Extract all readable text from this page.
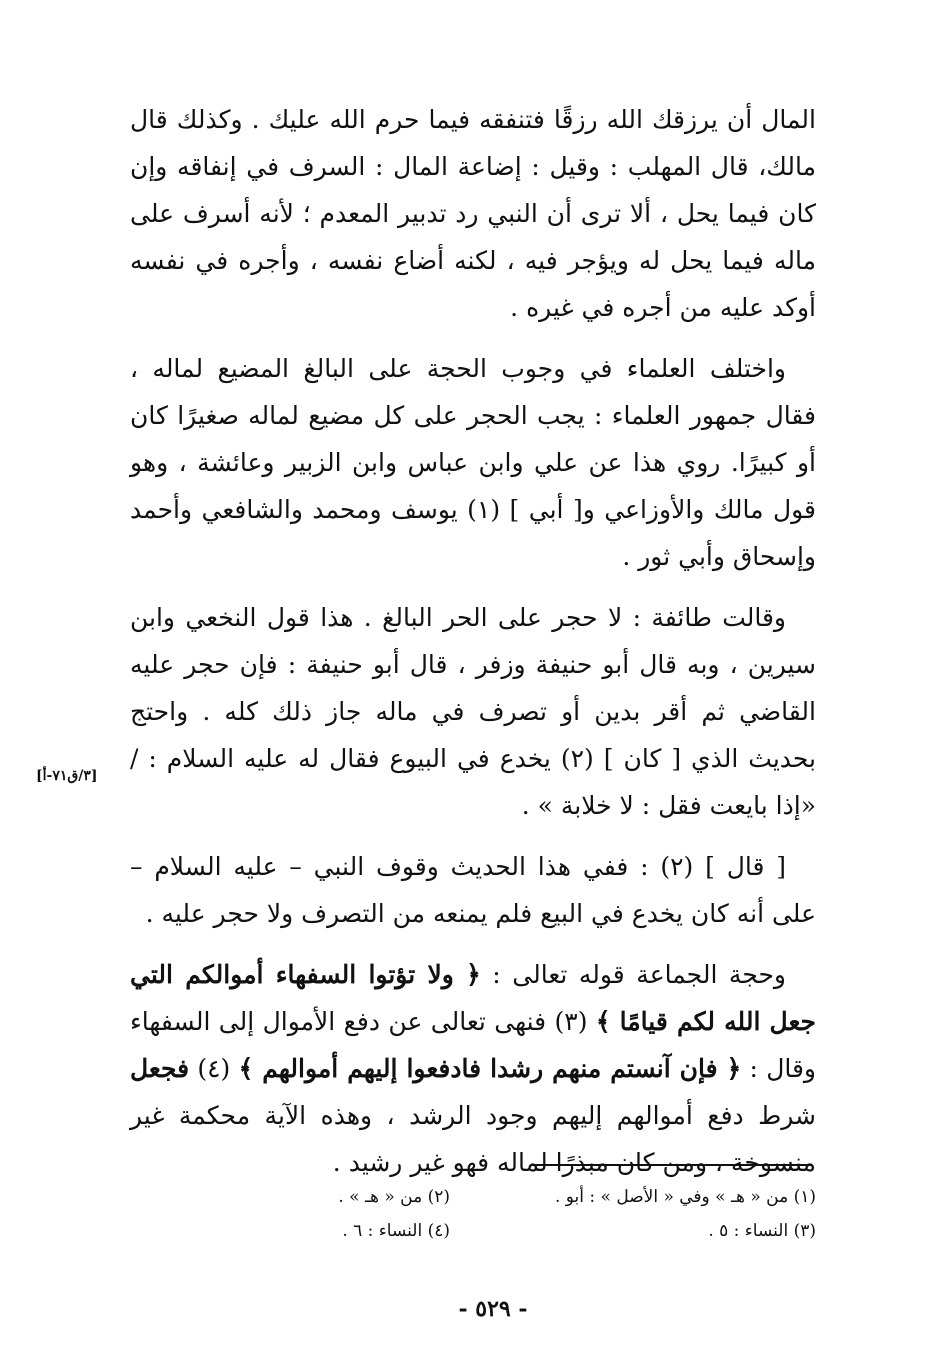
المال أن يرزقك الله رزقًا فتنفقه فيما حرم الله عليك . وكذلك قال مالك، قال المهلب : وقيل : إضاعة المال : السرف في إنفاقه وإن كان فيما يحل ، ألا ترى أن النبي رد تدبير المعدم ؛ لأنه أسرف على ماله فيما يحل له ويؤجر فيه ، لكنه أضاع نفسه ، وأجره في نفسه أوكد عليه من أجره في غيره .

واختلف العلماء في وجوب الحجة على البالغ المضيع لماله ، فقال جمهور العلماء : يجب الحجر على كل مضيع لماله صغيرًا كان أو كبيرًا. روي هذا عن علي وابن عباس وابن الزبير وعائشة ، وهو قول مالك والأوزاعي و[ أبي ] (١) يوسف ومحمد والشافعي وأحمد وإسحاق وأبي ثور .

وقالت طائفة : لا حجر على الحر البالغ . هذا قول النخعي وابن سيرين ، وبه قال أبو حنيفة وزفر ، قال أبو حنيفة : فإن حجر عليه القاضي ثم أقر بدين أو تصرف في ماله جاز ذلك كله . واحتج بحديث الذي [ كان ] (٢) يخدع في البيوع فقال له عليه السلام : / «إذا بايعت فقل : لا خلابة » .

[ قال ] (٢) : ففي هذا الحديث وقوف النبي – عليه السلام – على أنه كان يخدع في البيع فلم يمنعه من التصرف ولا حجر عليه .

وحجة الجماعة قوله تعالى : ﴿ ولا تؤتوا السفهاء أموالكم التي جعل الله لكم قيامًا ﴾ (٣) فنهى تعالى عن دفع الأموال إلى السفهاء وقال : ﴿ فإن آنستم منهم رشدا فادفعوا إليهم أموالهم ﴾ (٤) فجعل شرط دفع أموالهم إليهم وجود الرشد ، وهذه الآية محكمة غير منسوخة ، ومن كان مبذرًا لماله فهو غير رشيد .

[٣/ق٧١-أ]
(١) من « هـ » وفي « الأصل » : أبو .
(٢) من « هـ » .
(٣) النساء : ٥ .
(٤) النساء : ٦ .
- ٥٢٩ -
